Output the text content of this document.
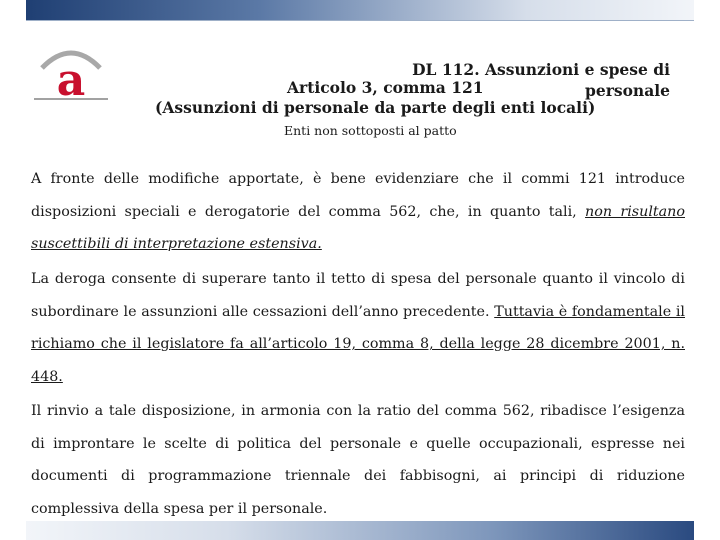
a	DL 112. Assunzioni e spese di
Articolo 3, comma 121	personale
(Assunzioni di personale da parte degli enti locali)
Enti non sottoposti al patto

A fronte delle modifiche apportate, è bene evidenziare che il commi 121 introduce disposizioni speciali e derogatorie del comma 562, che, in quanto tali, non risultano suscettibili di interpretazione estensiva.

La deroga consente di superare tanto il tetto di spesa del personale quanto il vincolo di subordinare le assunzioni alle cessazioni dell’anno precedente. Tuttavia è fondamentale il richiamo che il legislatore fa all’articolo 19, comma 8, della legge 28 dicembre 2001, n. 448.

Il rinvio a tale disposizione, in armonia con la ratio del comma 562, ribadisce l’esigenza di improntare le scelte di politica del personale e quelle occupazionali, espresse nei documenti di programmazione triennale dei fabbisogni, ai principi di riduzione complessiva della spesa per il personale.
